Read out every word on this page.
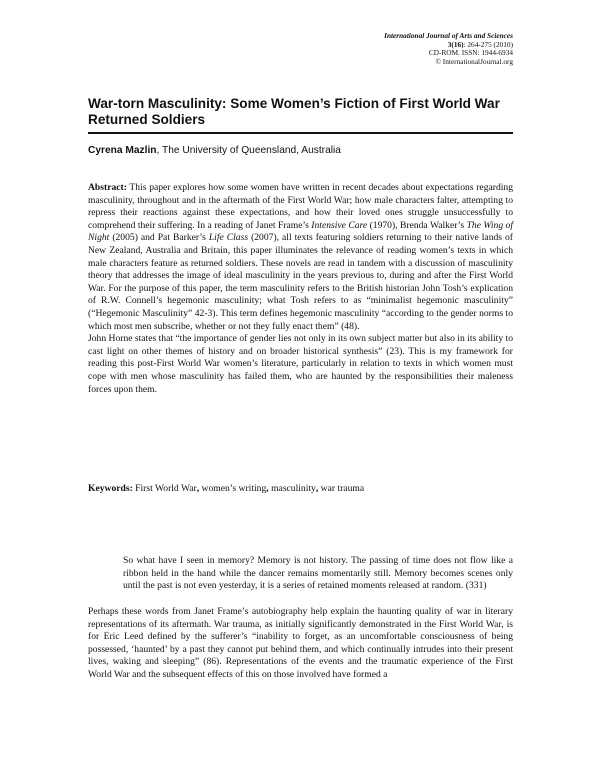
International Journal of Arts and Sciences
3(16): 264-275 (2010)
CD-ROM. ISSN: 1944-6934
© InternationalJournal.org
War-torn Masculinity: Some Women’s Fiction of First World War Returned Soldiers
Cyrena Mazlin, The University of Queensland, Australia

Abstract: This paper explores how some women have written in recent decades about expectations regarding masculinity, throughout and in the aftermath of the First World War; how male characters falter, attempting to repress their reactions against these expectations, and how their loved ones struggle unsuccessfully to comprehend their suffering. In a reading of Janet Frame’s Intensive Care (1970), Brenda Walker’s The Wing of Night (2005) and Pat Barker’s Life Class (2007), all texts featuring soldiers returning to their native lands of New Zealand, Australia and Britain, this paper illuminates the relevance of reading women’s texts in which male characters feature as returned soldiers. These novels are read in tandem with a discussion of masculinity theory that addresses the image of ideal masculinity in the years previous to, during and after the First World War. For the purpose of this paper, the term masculinity refers to the British historian John Tosh’s explication of R.W. Connell’s hegemonic masculinity; what Tosh refers to as “minimalist hegemonic masculinity” (“Hegemonic Masculinity” 42-3). This term defines hegemonic masculinity “according to the gender norms to which most men subscribe, whether or not they fully enact them” (48).
John Horne states that “the importance of gender lies not only in its own subject matter but also in its ability to cast light on other themes of history and on broader historical synthesis” (23). This is my framework for reading this post-First World War women’s literature, particularly in relation to texts in which women must cope with men whose masculinity has failed them, who are haunted by the responsibilities their maleness forces upon them.

Keywords: First World War, women’s writing, masculinity, war trauma

So what have I seen in memory? Memory is not history. The passing of time does not flow like a ribbon held in the hand while the dancer remains momentarily still. Memory becomes scenes only until the past is not even yesterday, it is a series of retained moments released at random. (331)

Perhaps these words from Janet Frame’s autobiography help explain the haunting quality of war in literary representations of its aftermath. War trauma, as initially significantly demonstrated in the First World War, is for Eric Leed defined by the sufferer’s “inability to forget, as an uncomfortable consciousness of being possessed, ‘haunted’ by a past they cannot put behind them, and which continually intrudes into their present lives, waking and sleeping” (86). Representations of the events and the traumatic experience of the First World War and the subsequent effects of this on those involved have formed a
